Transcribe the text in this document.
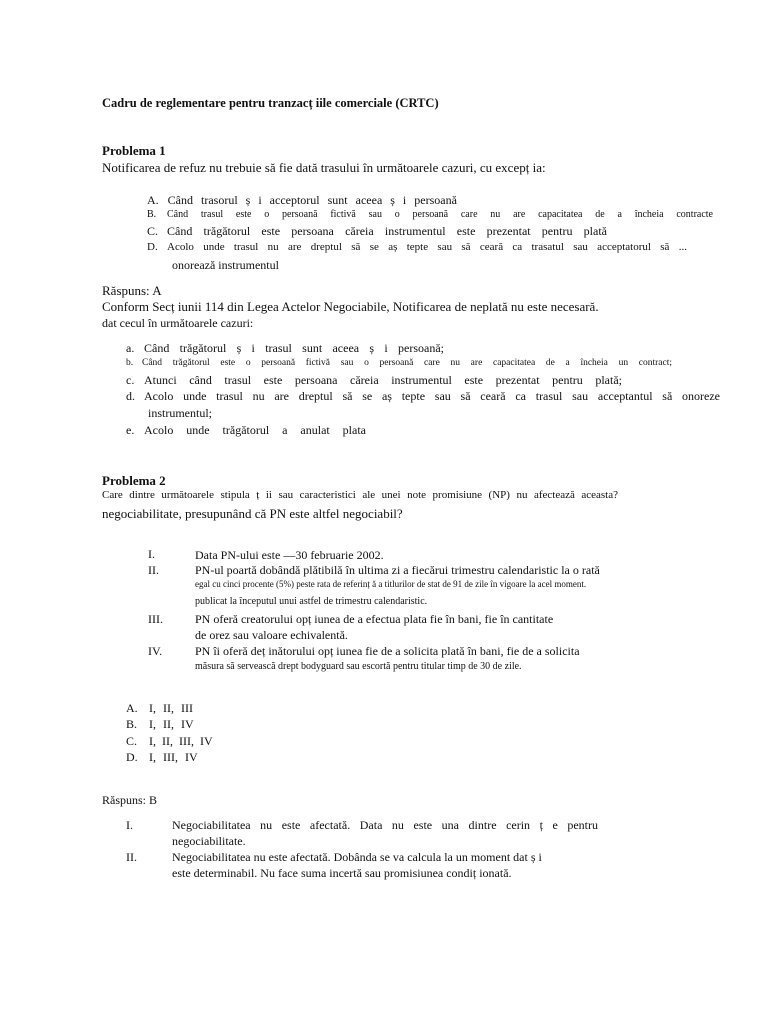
Cadru de reglementare pentru tranzacț iile comerciale (CRTC)
Problema 1
Notificarea de refuz nu trebuie să fie dată trasului în următoarele cazuri, cu excepț ia:
A. Când trasorul ș i acceptorul sunt aceea ș i persoană
B.	Când trasul este o persoană fictivă sau o persoană care nu are capacitatea de a încheia contracte
C. Când trăgătorul este persoana căreia instrumentul este prezentat pentru plată
D. Acolo unde trasul nu are dreptul să se aș tepte sau să ceară ca trasatul sau acceptatorul să ...
onorează instrumentul
Răspuns: A
Conform Secț iunii 114 din Legea Actelor Negociabile, Notificarea de neplată nu este necesară.
dat cecul în următoarele cazuri:
a. Când trăgătorul ș i trasul sunt aceea ș i persoană;
b. Când trăgătorul este o persoană fictivă sau o persoană care nu are capacitatea de a încheia un contract;
c. Atunci când trasul este persoana căreia instrumentul este prezentat pentru plată;
d. Acolo unde trasul nu are dreptul să se aș tepte sau să ceară ca trasul sau acceptantul să onoreze
instrumentul;
e. Acolo unde trăgătorul a anulat plata
Problema 2
Care dintre următoarele stipula ț ii sau caracteristici ale unei note promisiune (NP) nu afectează aceasta?
negociabilitate, presupunând că PN este altfel negociabil?
I.	Data PN-ului este —30 februarie 2002.
II.	PN-ul poartă dobândă plătibilă în ultima zi a fiecărui trimestru calendaristic la o rată
egal cu cinci procente (5%) peste rata de referinț ă a titlurilor de stat de 91 de zile în vigoare la acel moment.
publicat la începutul unui astfel de trimestru calendaristic.
III.	PN oferă creatorului opț iunea de a efectua plata fie în bani, fie în cantitate
de orez sau valoare echivalentă.
IV.	PN îi oferă deț inătorului opț iunea fie de a solicita plată în bani, fie de a solicita
măsura să servească drept bodyguard sau escortă pentru titular timp de 30 de zile.
A. I, II, III
B. I, II, IV
C. I, II, III, IV
D. I, III, IV
Răspuns: B
I.	Negociabilitatea nu este afectată. Data nu este una dintre cerin ț e pentru
negociabilitate.
II.	Negociabilitatea nu este afectată. Dobânda se va calcula la un moment dat ș i
este determinabil. Nu face suma incertă sau promisiunea condiț ionată.
